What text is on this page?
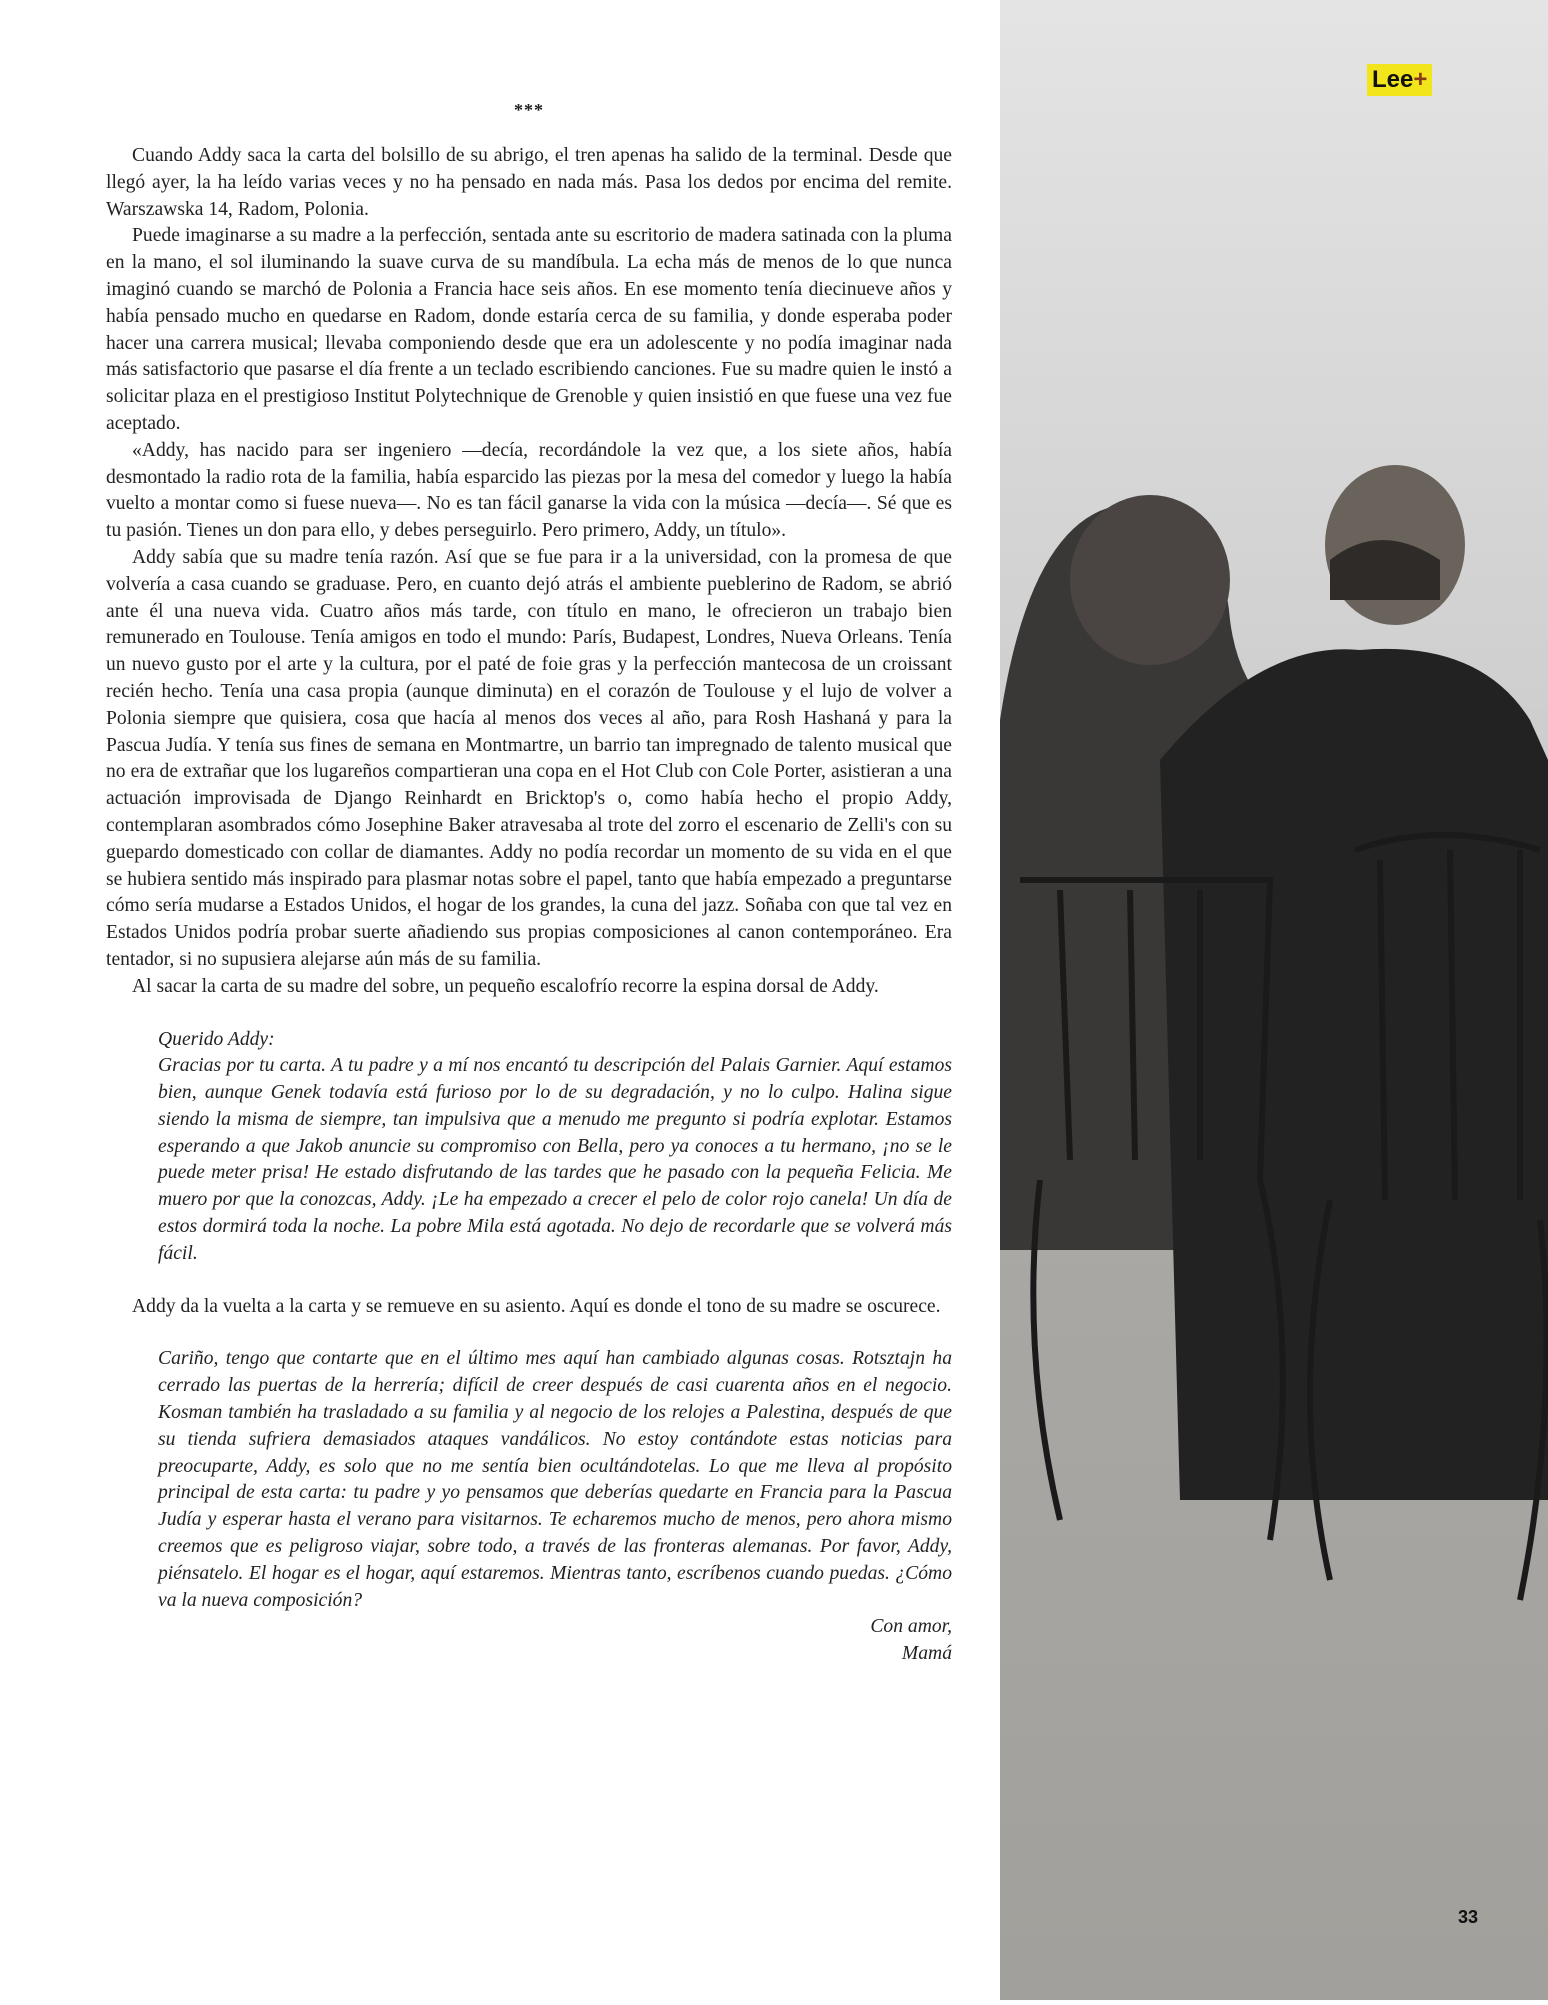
Lee+
***

Cuando Addy saca la carta del bolsillo de su abrigo, el tren apenas ha salido de la terminal. Desde que llegó ayer, la ha leído varias veces y no ha pensado en nada más. Pasa los dedos por encima del remite. Warszawska 14, Radom, Polonia.

Puede imaginarse a su madre a la perfección, sentada ante su escritorio de madera satinada con la pluma en la mano, el sol iluminando la suave curva de su mandíbula. La echa más de menos de lo que nunca imaginó cuando se marchó de Polonia a Francia hace seis años. En ese momento tenía diecinueve años y había pensado mucho en quedarse en Radom, donde estaría cerca de su familia, y donde esperaba poder hacer una carrera musical; llevaba componiendo desde que era un adolescente y no podía imaginar nada más satisfactorio que pasarse el día frente a un teclado escribiendo canciones. Fue su madre quien le instó a solicitar plaza en el prestigioso Institut Polytechnique de Grenoble y quien insistió en que fuese una vez fue aceptado.

«Addy, has nacido para ser ingeniero —decía, recordándole la vez que, a los siete años, había desmontado la radio rota de la familia, había esparcido las piezas por la mesa del comedor y luego la había vuelto a montar como si fuese nueva—. No es tan fácil ganarse la vida con la música —decía—. Sé que es tu pasión. Tienes un don para ello, y debes perseguirlo. Pero primero, Addy, un título».

Addy sabía que su madre tenía razón. Así que se fue para ir a la universidad, con la promesa de que volvería a casa cuando se graduase. Pero, en cuanto dejó atrás el ambiente pueblerino de Radom, se abrió ante él una nueva vida. Cuatro años más tarde, con título en mano, le ofrecieron un trabajo bien remunerado en Toulouse. Tenía amigos en todo el mundo: París, Budapest, Londres, Nueva Orleans. Tenía un nuevo gusto por el arte y la cultura, por el paté de foie gras y la perfección mantecosa de un croissant recién hecho. Tenía una casa propia (aunque diminuta) en el corazón de Toulouse y el lujo de volver a Polonia siempre que quisiera, cosa que hacía al menos dos veces al año, para Rosh Hashaná y para la Pascua Judía. Y tenía sus fines de semana en Montmartre, un barrio tan impregnado de talento musical que no era de extrañar que los lugareños compartieran una copa en el Hot Club con Cole Porter, asistieran a una actuación improvisada de Django Reinhardt en Bricktop's o, como había hecho el propio Addy, contemplaran asombrados cómo Josephine Baker atravesaba al trote del zorro el escenario de Zelli's con su guepardo domesticado con collar de diamantes. Addy no podía recordar un momento de su vida en el que se hubiera sentido más inspirado para plasmar notas sobre el papel, tanto que había empezado a preguntarse cómo sería mudarse a Estados Unidos, el hogar de los grandes, la cuna del jazz. Soñaba con que tal vez en Estados Unidos podría probar suerte añadiendo sus propias composiciones al canon contemporáneo. Era tentador, si no supusiera alejarse aún más de su familia.

Al sacar la carta de su madre del sobre, un pequeño escalofrío recorre la espina dorsal de Addy.

Querido Addy:

Gracias por tu carta. A tu padre y a mí nos encantó tu descripción del Palais Garnier. Aquí estamos bien, aunque Genek todavía está furioso por lo de su degradación, y no lo culpo. Halina sigue siendo la misma de siempre, tan impulsiva que a menudo me pregunto si podría explotar. Estamos esperando a que Jakob anuncie su compromiso con Bella, pero ya conoces a tu hermano, ¡no se le puede meter prisa! He estado disfrutando de las tardes que he pasado con la pequeña Felicia. Me muero por que la conozcas, Addy. ¡Le ha empezado a crecer el pelo de color rojo canela! Un día de estos dormirá toda la noche. La pobre Mila está agotada. No dejo de recordarle que se volverá más fácil.

Addy da la vuelta a la carta y se remueve en su asiento. Aquí es donde el tono de su madre se oscurece.

Cariño, tengo que contarte que en el último mes aquí han cambiado algunas cosas. Rotsztajn ha cerrado las puertas de la herrería; difícil de creer después de casi cuarenta años en el negocio. Kosman también ha trasladado a su familia y al negocio de los relojes a Palestina, después de que su tienda sufriera demasiados ataques vandálicos. No estoy contándote estas noticias para preocuparte, Addy, es solo que no me sentía bien ocultándotelas. Lo que me lleva al propósito principal de esta carta: tu padre y yo pensamos que deberías quedarte en Francia para la Pascua Judía y esperar hasta el verano para visitarnos. Te echaremos mucho de menos, pero ahora mismo creemos que es peligroso viajar, sobre todo, a través de las fronteras alemanas. Por favor, Addy, piénsatelo. El hogar es el hogar, aquí estaremos. Mientras tanto, escríbenos cuando puedas. ¿Cómo va la nueva composición?

Con amor,
Mamá
33
